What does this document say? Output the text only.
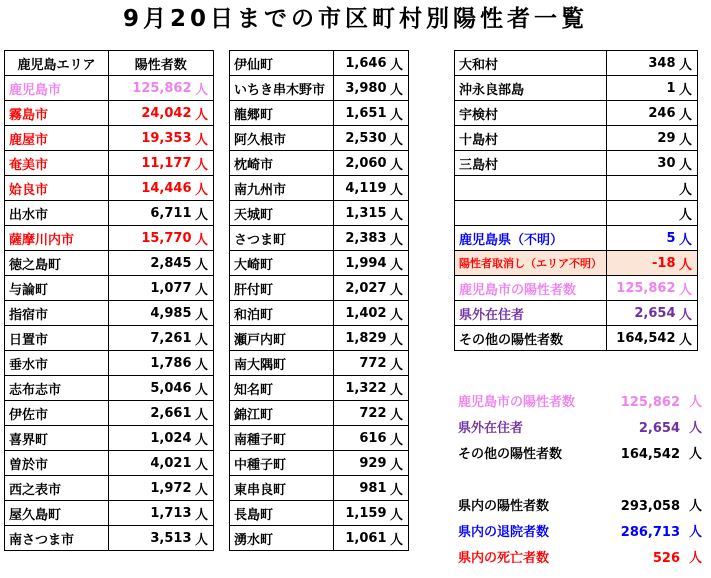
9月20日までの市区町村別陽性者一覧
鹿児島エリア	陽性者数	
鹿児島市	125,862	人
霧島市	24,042	人
鹿屋市	19,353	人
奄美市	11,177	人
姶良市	14,446	人
出水市	6,711	人
薩摩川内市	15,770	人
徳之島町	2,845	人
与論町	1,077	人
指宿市	4,985	人
日置市	7,261	人
垂水市	1,786	人
志布志市	5,046	人
伊佐市	2,661	人
喜界町	1,024	人
曽於市	4,021	人
西之表市	1,972	人
屋久島町	1,713	人
南さつま市	3,513	人
伊仙町	1,646	人
いちき串木野市	3,980	人
龍郷町	1,651	人
阿久根市	2,530	人
枕崎市	2,060	人
南九州市	4,119	人
天城町	1,315	人
さつま町	2,383	人
大崎町	1,994	人
肝付町	2,027	人
和泊町	1,402	人
瀬戸内町	1,829	人
南大隅町	772	人
知名町	1,322	人
錦江町	722	人
南種子町	616	人
中種子町	929	人
東串良町	981	人
長島町	1,159	人
湧水町	1,061	人
大和村	348	人
沖永良部島	1	人
宇検村	246	人
十島村	29	人
三島村	30	人
		人
		人
鹿児島県（不明）	5	人
陽性者取消し（エリア不明）	-18	人
鹿児島市の陽性者数	125,862	人
県外在住者	2,654	人
その他の陽性者数	164,542	人
鹿児島市の陽性者数	125,862 人
県外在住者	2,654 人
その他の陽性者数	164,542 人
県内の陽性者数	293,058 人
県内の退院者数	286,713 人
県内の死亡者数	526 人
